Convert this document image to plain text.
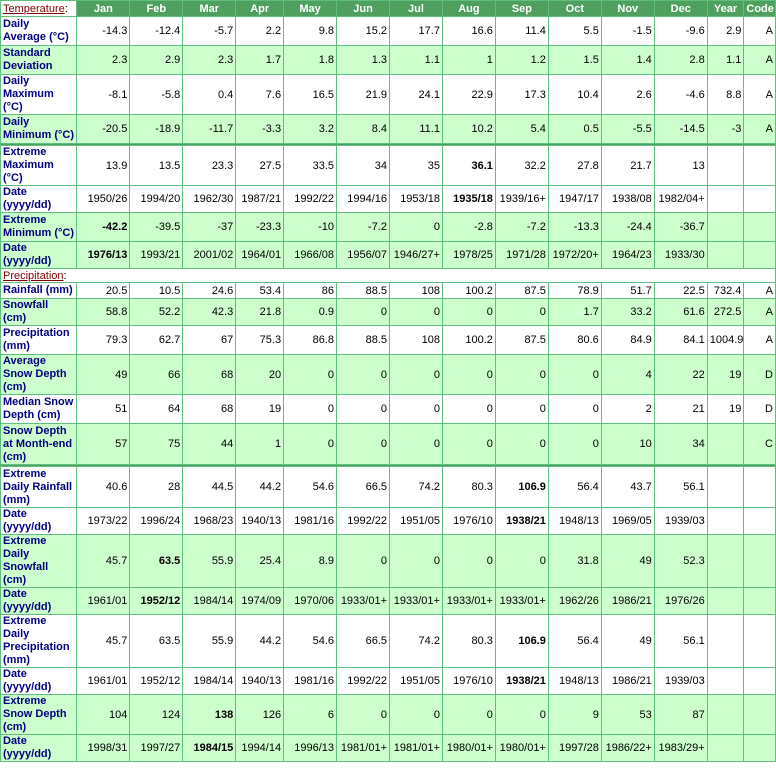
Temperature:	Jan	Feb	Mar	Apr	May	Jun	Jul	Aug	Sep	Oct	Nov	Dec	Year	Code
Daily Average (°C)	-14.3	-12.4	-5.7	2.2	9.8	15.2	17.7	16.6	11.4	5.5	-1.5	-9.6	2.9	A
Standard Deviation	2.3	2.9	2.3	1.7	1.8	1.3	1.1	1	1.2	1.5	1.4	2.8	1.1	A
Daily Maximum (°C)	-8.1	-5.8	0.4	7.6	16.5	21.9	24.1	22.9	17.3	10.4	2.6	-4.6	8.8	A
Daily Minimum (°C)	-20.5	-18.9	-11.7	-3.3	3.2	8.4	11.1	10.2	5.4	0.5	-5.5	-14.5	-3	A

Extreme Maximum (°C)	13.9	13.5	23.3	27.5	33.5	34	35	36.1	32.2	27.8	21.7	13		
Date (yyyy/dd)	1950/26	1994/20	1962/30	1987/21	1992/22	1994/16	1953/18	1935/18	1939/16+	1947/17	1938/08	1982/04+		
Extreme Minimum (°C)	-42.2	-39.5	-37	-23.3	-10	-7.2	0	-2.8	-7.2	-13.3	-24.4	-36.7		
Date (yyyy/dd)	1976/13	1993/21	2001/02	1964/01	1966/08	1956/07	1946/27+	1978/25	1971/28	1972/20+	1964/23	1933/30		
Precipitation:														
Rainfall (mm)	20.5	10.5	24.6	53.4	86	88.5	108	100.2	87.5	78.9	51.7	22.5	732.4	A
Snowfall (cm)	58.8	52.2	42.3	21.8	0.9	0	0	0	0	1.7	33.2	61.6	272.5	A
Precipitation (mm)	79.3	62.7	67	75.3	86.8	88.5	108	100.2	87.5	80.6	84.9	84.1	1004.9	A
Average Snow Depth (cm)	49	66	68	20	0	0	0	0	0	0	4	22	19	D
Median Snow Depth (cm)	51	64	68	19	0	0	0	0	0	0	2	21	19	D
Snow Depth at Month-end (cm)	57	75	44	1	0	0	0	0	0	0	10	34		C

Extreme Daily Rainfall (mm)	40.6	28	44.5	44.2	54.6	66.5	74.2	80.3	106.9	56.4	43.7	56.1		
Date (yyyy/dd)	1973/22	1996/24	1968/23	1940/13	1981/16	1992/22	1951/05	1976/10	1938/21	1948/13	1969/05	1939/03		
Extreme Daily Snowfall (cm)	45.7	63.5	55.9	25.4	8.9	0	0	0	0	31.8	49	52.3		
Date (yyyy/dd)	1961/01	1952/12	1984/14	1974/09	1970/06	1933/01+	1933/01+	1933/01+	1933/01+	1962/26	1986/21	1976/26		
Extreme Daily Precipitation (mm)	45.7	63.5	55.9	44.2	54.6	66.5	74.2	80.3	106.9	56.4	49	56.1		
Date (yyyy/dd)	1961/01	1952/12	1984/14	1940/13	1981/16	1992/22	1951/05	1976/10	1938/21	1948/13	1986/21	1939/03		
Extreme Snow Depth (cm)	104	124	138	126	6	0	0	0	0	9	53	87		
Date (yyyy/dd)	1998/31	1997/27	1984/15	1994/14	1996/13	1981/01+	1981/01+	1980/01+	1980/01+	1997/28	1986/22+	1983/29+		
